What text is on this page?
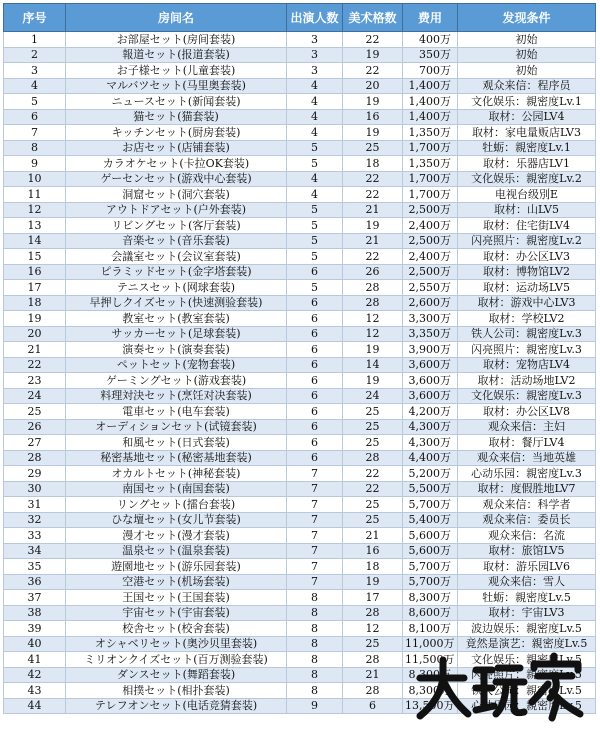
序号	房间名	出演人数	美术格数	费用	发现条件
1	お部屋セット(房间套装)	3	22	400万	初始
2	報道セット(报道套装)	3	19	350万	初始
3	お子様セット(儿童套装)	3	22	700万	初始
4	マルバツセット(马里奥套装)	4	20	1,400万	观众来信：程序员
5	ニュースセット(新闻套装)	4	19	1,400万	文化娱乐：親密度Lv.1
6	猫セット(猫套装)	4	16	1,400万	取材：公园LV4
7	キッチンセット(厨房套装)	4	19	1,350万	取材：家电量贩店LV3
8	お店セット(店铺套装)	5	25	1,700万	牡蛎：親密度Lv.1
9	カラオケセット(卡拉OK套装)	5	18	1,350万	取材：乐器店LV1
10	ゲーセンセット(游戏中心套装)	4	22	1,700万	文化娱乐：親密度Lv.2
11	洞窟セット(洞穴套装)	4	22	1,700万	电视台级別E
12	アウトドアセット(户外套装)	5	21	2,500万	取材：山LV5
13	リビングセット(客厅套装)	5	19	2,400万	取材：住宅街LV4
14	音楽セット(音乐套装)	5	21	2,500万	闪亮照片：親密度Lv.2
15	会議室セット(会议室套装)	5	22	2,400万	取材：办公区LV3
16	ピラミッドセット(金字塔套装)	6	26	2,500万	取材：博物馆LV2
17	テニスセット(网球套装)	5	28	2,550万	取材：运动场LV5
18	早押しクイズセット(快速测验套装)	6	28	2,600万	取材：游戏中心LV3
19	教室セット(教室套装)	6	12	3,300万	取材：学校LV2
20	サッカーセット(足球套装)	6	12	3,350万	铁人公司：親密度Lv.3
21	演奏セット(演奏套装)	6	19	3,900万	闪亮照片：親密度Lv.3
22	ペットセット(宠物套装)	6	14	3,600万	取材：宠物店LV4
23	ゲーミングセット(游戏套装)	6	19	3,600万	取材：活动场地LV2
24	料理対決セット(烹饪对决套装)	6	24	3,600万	文化娱乐：親密度Lv.3
25	電車セット(电车套装)	6	25	4,200万	取材：办公区LV8
26	オーディションセット(试镜套装)	6	25	4,300万	观众来信：主妇
27	和風セット(日式套装)	6	25	4,300万	取材：餐厅LV4
28	秘密基地セット(秘密基地套装)	6	28	4,400万	观众来信：当地英雄
29	オカルトセット(神秘套装)	7	22	5,200万	心动乐园：親密度Lv.3
30	南国セット(南国套装)	7	22	5,500万	取材：度假胜地LV7
31	リングセット(擂台套装)	7	25	5,700万	观众来信：科学者
32	ひな壇セット(女儿节套装)	7	25	5,400万	观众来信：委员长
33	漫才セット(漫才套装)	7	21	5,600万	观众来信：名流
34	温泉セット(温泉套装)	7	16	5,600万	取材：旅馆LV5
35	遊園地セット(游乐园套装)	7	18	5,700万	取材：游乐园LV6
36	空港セット(机场套装)	7	19	5,700万	观众来信：雪人
37	王国セット(王国套装)	8	17	8,300万	牡蛎：親密度Lv.5
38	宇宙セット(宇宙套装)	8	28	8,600万	取材：宇宙LV3
39	校舎セット(校舍套装)	8	12	8,100万	波边娱乐：親密度Lv.5
40	オシャベリセット(奥沙贝里套装)	8	25	11,000万	竟然是演艺：親密度Lv.5
41	ミリオンクイズセット(百万测验套装)	8	28	11,500万	文化娱乐：親密度Lv.5
42	ダンスセット(舞蹈套装)	8	21	8,300万	闪亮照片：親密度Lv.5
43	相撲セット(相扑套装)	8	28	8,300万	铁人公司：親密度Lv.5
44	テレフオンセット(电话竞猜套装)	9	6	13,500万	心动乐园：親密度Lv.5
